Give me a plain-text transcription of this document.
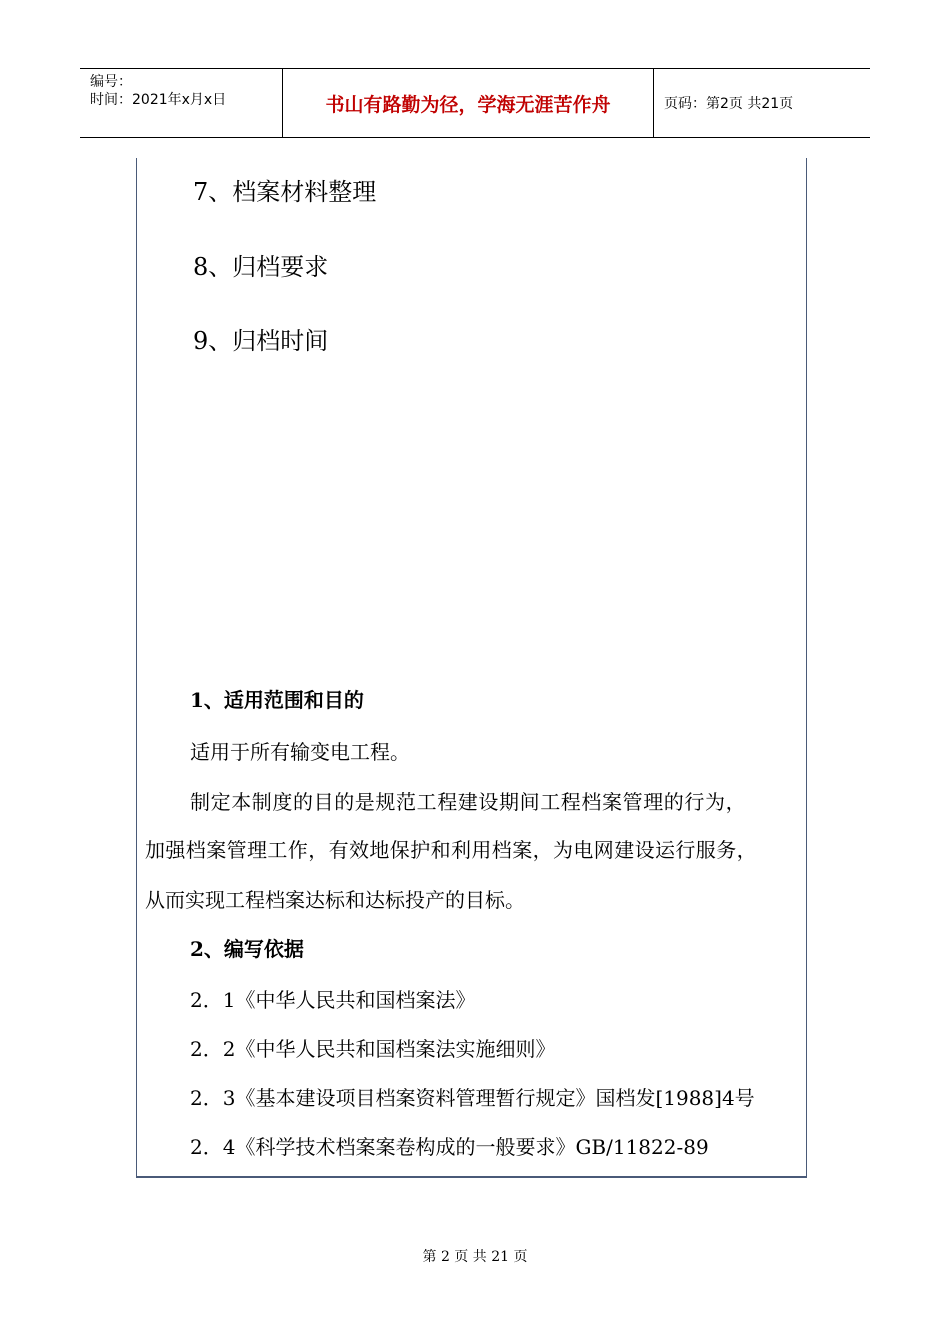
编号：
时间：2021年x月x日	书山有路勤为径，学海无涯苦作舟	页码：第2页 共21页
7、档案材料整理
8、归档要求
9、归档时间
1、适用范围和目的
适用于所有输变电工程。
制定本制度的目的是规范工程建设期间工程档案管理的行为，
加强档案管理工作，有效地保护和利用档案，为电网建设运行服务，
从而实现工程档案达标和达标投产的目标。
2、编写依据
2．1《中华人民共和国档案法》
2．2《中华人民共和国档案法实施细则》
2．3《基本建设项目档案资料管理暂行规定》国档发[1988]4号
2．4《科学技术档案案卷构成的一般要求》GB/11822-89
第 2 页 共 21 页
